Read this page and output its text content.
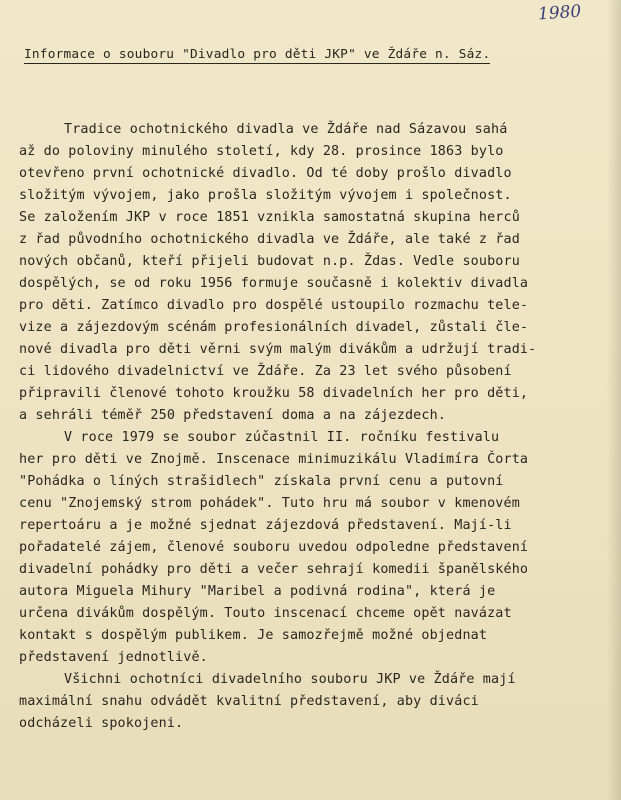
1980
Informace o souboru "Divadlo pro děti JKP" ve Ždáře n. Sáz.
Tradice ochotnického divadla ve Ždáře nad Sázavou sahá
až do poloviny minulého století, kdy 28. prosince 1863 bylo
otevřeno první ochotnické divadlo. Od té doby prošlo divadlo
složitým vývojem, jako prošla složitým vývojem i společnost.
Se založením JKP v roce 1851 vznikla samostatná skupina herců
z řad původního ochotnického divadla ve Ždáře, ale také z řad
nových občanů, kteří přijeli budovat n.p. Ždas. Vedle souboru
dospělých, se od roku 1956 formuje současně i kolektiv divadla
pro děti. Zatímco divadlo pro dospělé ustoupilo rozmachu tele-
vize a zájezdovým scénám profesionálních divadel, zůstali čle-
nové divadla pro děti věrni svým malým divákům a udržují tradi-
ci lidového divadelnictví ve Ždáře. Za 23 let svého působení
připravili členové tohoto kroužku 58 divadelních her pro děti,
a sehráli téměř 250 představení doma a na zájezdech.
V roce 1979 se soubor zúčastnil II. ročníku festivalu
her pro děti ve Znojmě. Inscenace minimuzikálu Vladimíra Čorta
"Pohádka o líných strašidlech" získala první cenu a putovní
cenu "Znojemský strom pohádek". Tuto hru má soubor v kmenovém
repertoáru a je možné sjednat zájezdová představení. Mají-li
pořadatelé zájem, členové souboru uvedou odpoledne představení
divadelní pohádky pro děti a večer sehrají komedii španělského
autora Miguela Mihury "Maribel a podivná rodina", která je
určena divákům dospělým. Touto inscenací chceme opět navázat
kontakt s dospělým publikem. Je samozřejmě možné objednat
představení jednotlivě.
Všichni ochotníci divadelního souboru JKP ve Ždáře mají
maximální snahu odvádět kvalitní představení, aby diváci
odcházeli spokojeni.
